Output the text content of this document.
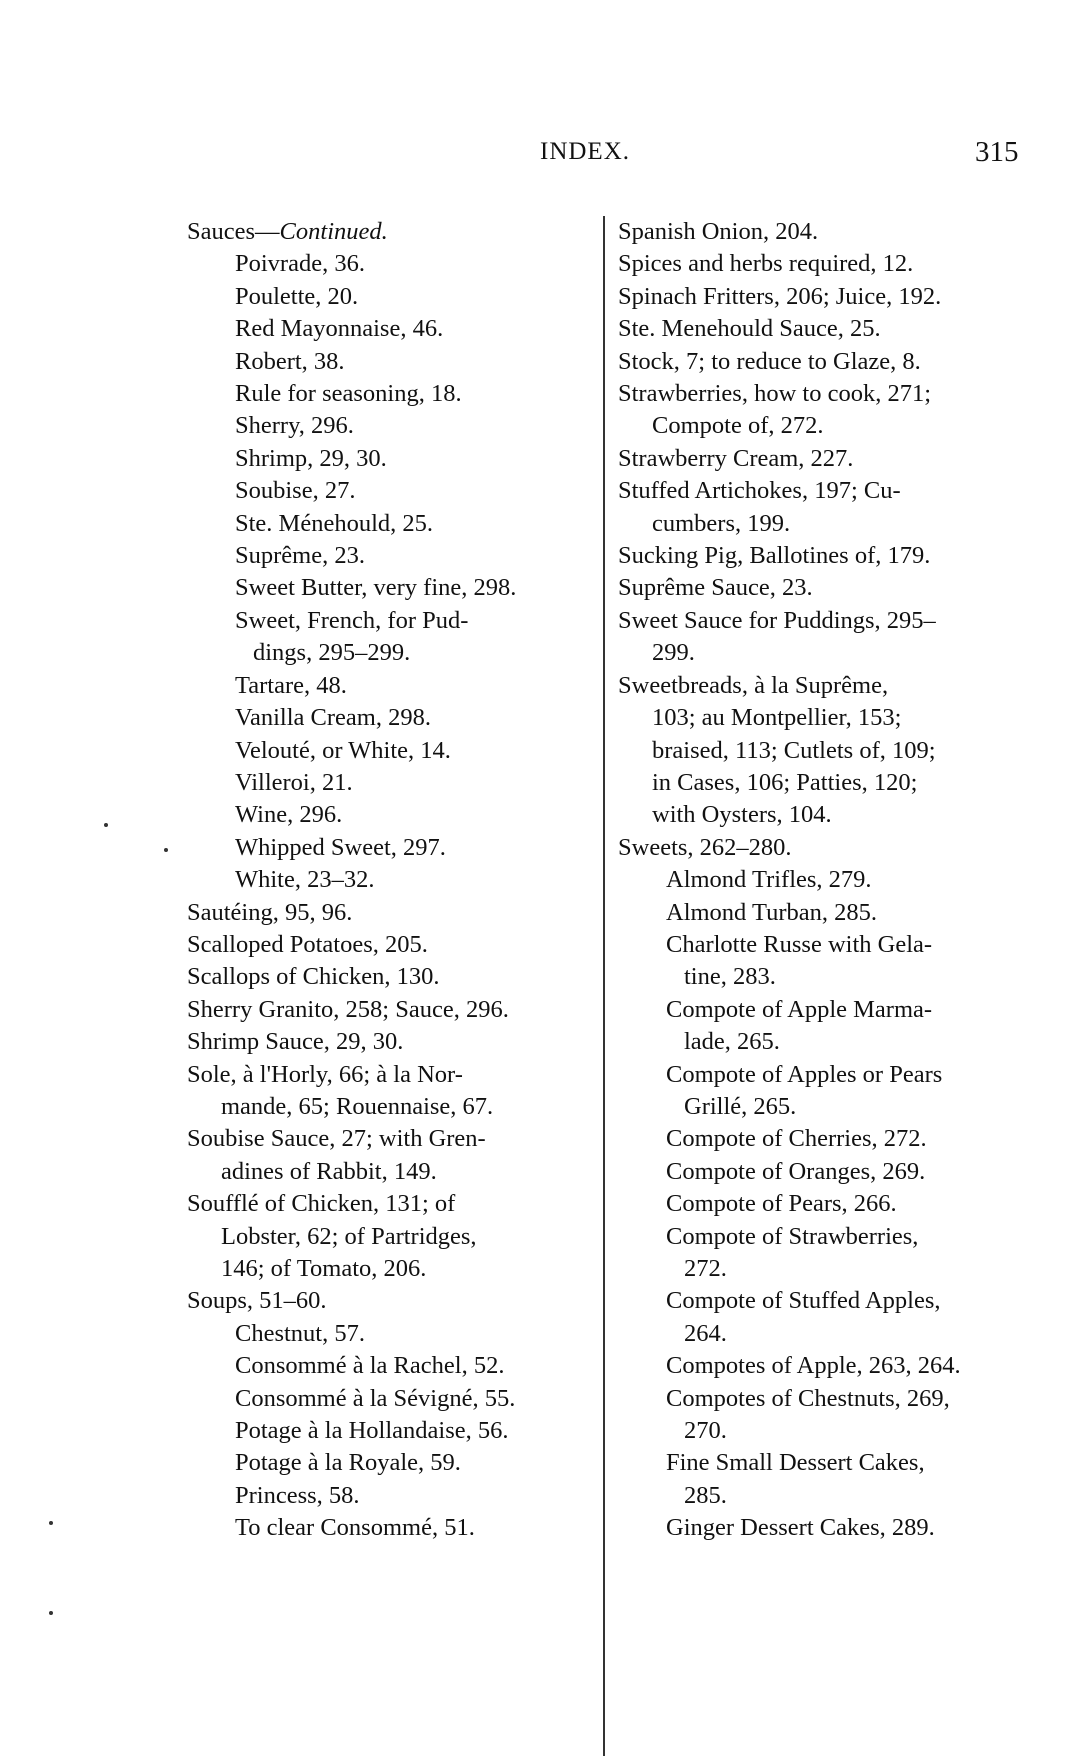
INDEX.	315
Sauces—Continued.
Poivrade, 36.
Poulette, 20.
Red Mayonnaise, 46.
Robert, 38.
Rule for seasoning, 18.
Sherry, 296.
Shrimp, 29, 30.
Soubise, 27.
Ste. Ménehould, 25.
Suprême, 23.
Sweet Butter, very fine, 298.
Sweet, French, for Pud-
dings, 295–299.
Tartare, 48.
Vanilla Cream, 298.
Velouté, or White, 14.
Villeroi, 21.
Wine, 296.
Whipped Sweet, 297.
White, 23–32.
Sautéing, 95, 96.
Scalloped Potatoes, 205.
Scallops of Chicken, 130.
Sherry Granito, 258; Sauce, 296.
Shrimp Sauce, 29, 30.
Sole, à l'Horly, 66; à la Nor-
mande, 65; Rouennaise, 67.
Soubise Sauce, 27; with Gren-
adines of Rabbit, 149.
Soufflé of Chicken, 131; of
Lobster, 62; of Partridges,
146; of Tomato, 206.
Soups, 51–60.
Chestnut, 57.
Consommé à la Rachel, 52.
Consommé à la Sévigné, 55.
Potage à la Hollandaise, 56.
Potage à la Royale, 59.
Princess, 58.
To clear Consommé, 51.
Spanish Onion, 204.
Spices and herbs required, 12.
Spinach Fritters, 206; Juice, 192.
Ste. Menehould Sauce, 25.
Stock, 7; to reduce to Glaze, 8.
Strawberries, how to cook, 271;
Compote of, 272.
Strawberry Cream, 227.
Stuffed Artichokes, 197; Cu-
cumbers, 199.
Sucking Pig, Ballotines of, 179.
Suprême Sauce, 23.
Sweet Sauce for Puddings, 295–
299.
Sweetbreads, à la Suprême,
103; au Montpellier, 153;
braised, 113; Cutlets of, 109;
in Cases, 106; Patties, 120;
with Oysters, 104.
Sweets, 262–280.
Almond Trifles, 279.
Almond Turban, 285.
Charlotte Russe with Gela-
tine, 283.
Compote of Apple Marma-
lade, 265.
Compote of Apples or Pears
Grillé, 265.
Compote of Cherries, 272.
Compote of Oranges, 269.
Compote of Pears, 266.
Compote of Strawberries,
272.
Compote of Stuffed Apples,
264.
Compotes of Apple, 263, 264.
Compotes of Chestnuts, 269,
270.
Fine Small Dessert Cakes,
285.
Ginger Dessert Cakes, 289.
